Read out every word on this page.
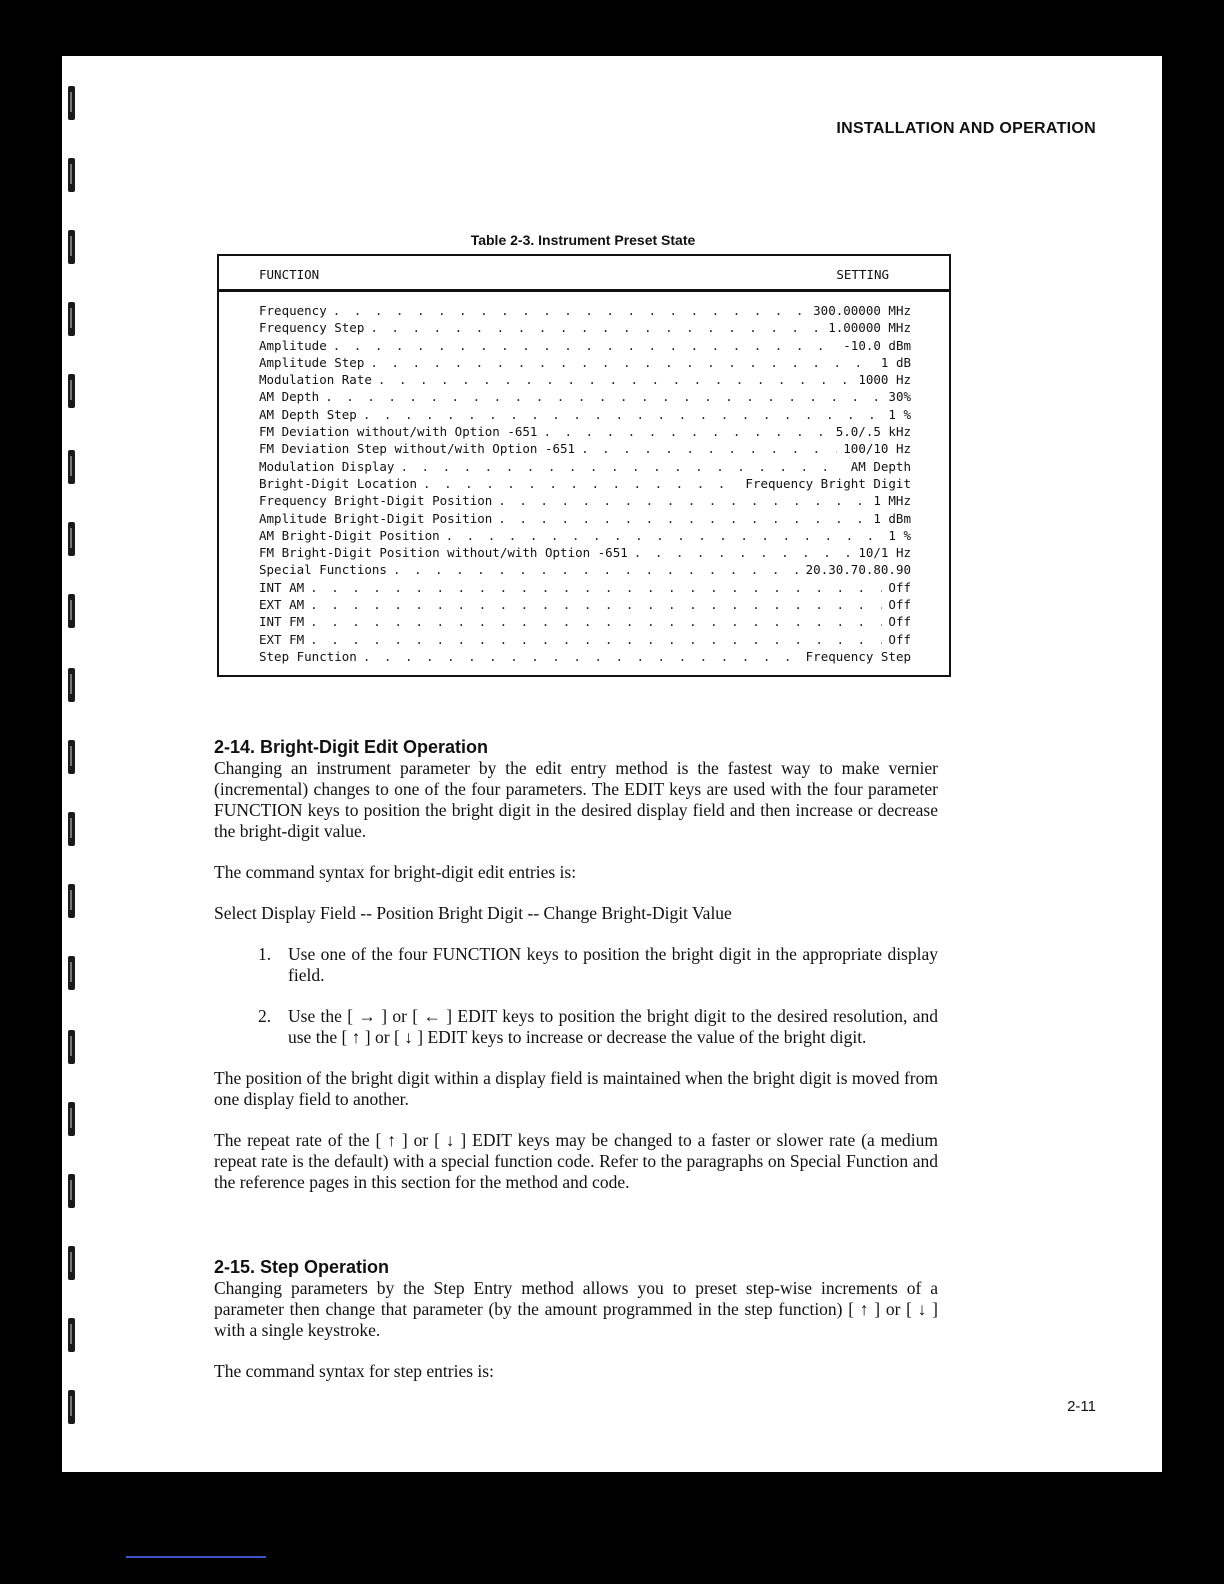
INSTALLATION AND OPERATION
Table 2-3. Instrument Preset State
FUNCTION	SETTING
Frequency . . .	300.00000 MHz
Frequency Step . . .	1.00000 MHz
Amplitude . . .	-10.0 dBm
Amplitude Step . . .	1 dB
Modulation Rate . . .	1000 Hz
AM Depth . . .	30%
AM Depth Step . . .	1 %
FM Deviation without/with Option -651 . . .	5.0/.5 kHz
FM Deviation Step without/with Option -651 . . .	100/10 Hz
Modulation Display . . .	AM Depth
Bright-Digit Location . . .	Frequency Bright Digit
Frequency Bright-Digit Position . . .	1 MHz
Amplitude Bright-Digit Position . . .	1 dBm
AM Bright-Digit Position . . .	1 %
FM Bright-Digit Position without/with Option -651 . . .	10/1 Hz
Special Functions . . .	20.30.70.80.90
INT AM . . .	Off
EXT AM . . .	Off
INT FM . . .	Off
EXT FM . . .	Off
Step Function . . .	Frequency Step

2-14. Bright-Digit Edit Operation

Changing an instrument parameter by the edit entry method is the fastest way to make vernier (incremental) changes to one of the four parameters. The EDIT keys are used with the four parameter FUNCTION keys to position the bright digit in the desired display field and then increase or decrease the bright-digit value.

The command syntax for bright-digit edit entries is:

Select Display Field -- Position Bright Digit -- Change Bright-Digit Value

1. Use one of the four FUNCTION keys to position the bright digit in the appropriate display field.
2. Use the [ → ] or [ ← ] EDIT keys to position the bright digit to the desired resolution, and use the [ ↑ ] or [ ↓ ] EDIT keys to increase or decrease the value of the bright digit.

The position of the bright digit within a display field is maintained when the bright digit is moved from one display field to another.

The repeat rate of the [ ↑ ] or [ ↓ ] EDIT keys may be changed to a faster or slower rate (a medium repeat rate is the default) with a special function code. Refer to the paragraphs on Special Function and the reference pages in this section for the method and code.

2-15. Step Operation

Changing parameters by the Step Entry method allows you to preset step-wise increments of a parameter then change that parameter (by the amount programmed in the step function) [ ↑ ] or [ ↓ ] with a single keystroke.

The command syntax for step entries is:

2-11
